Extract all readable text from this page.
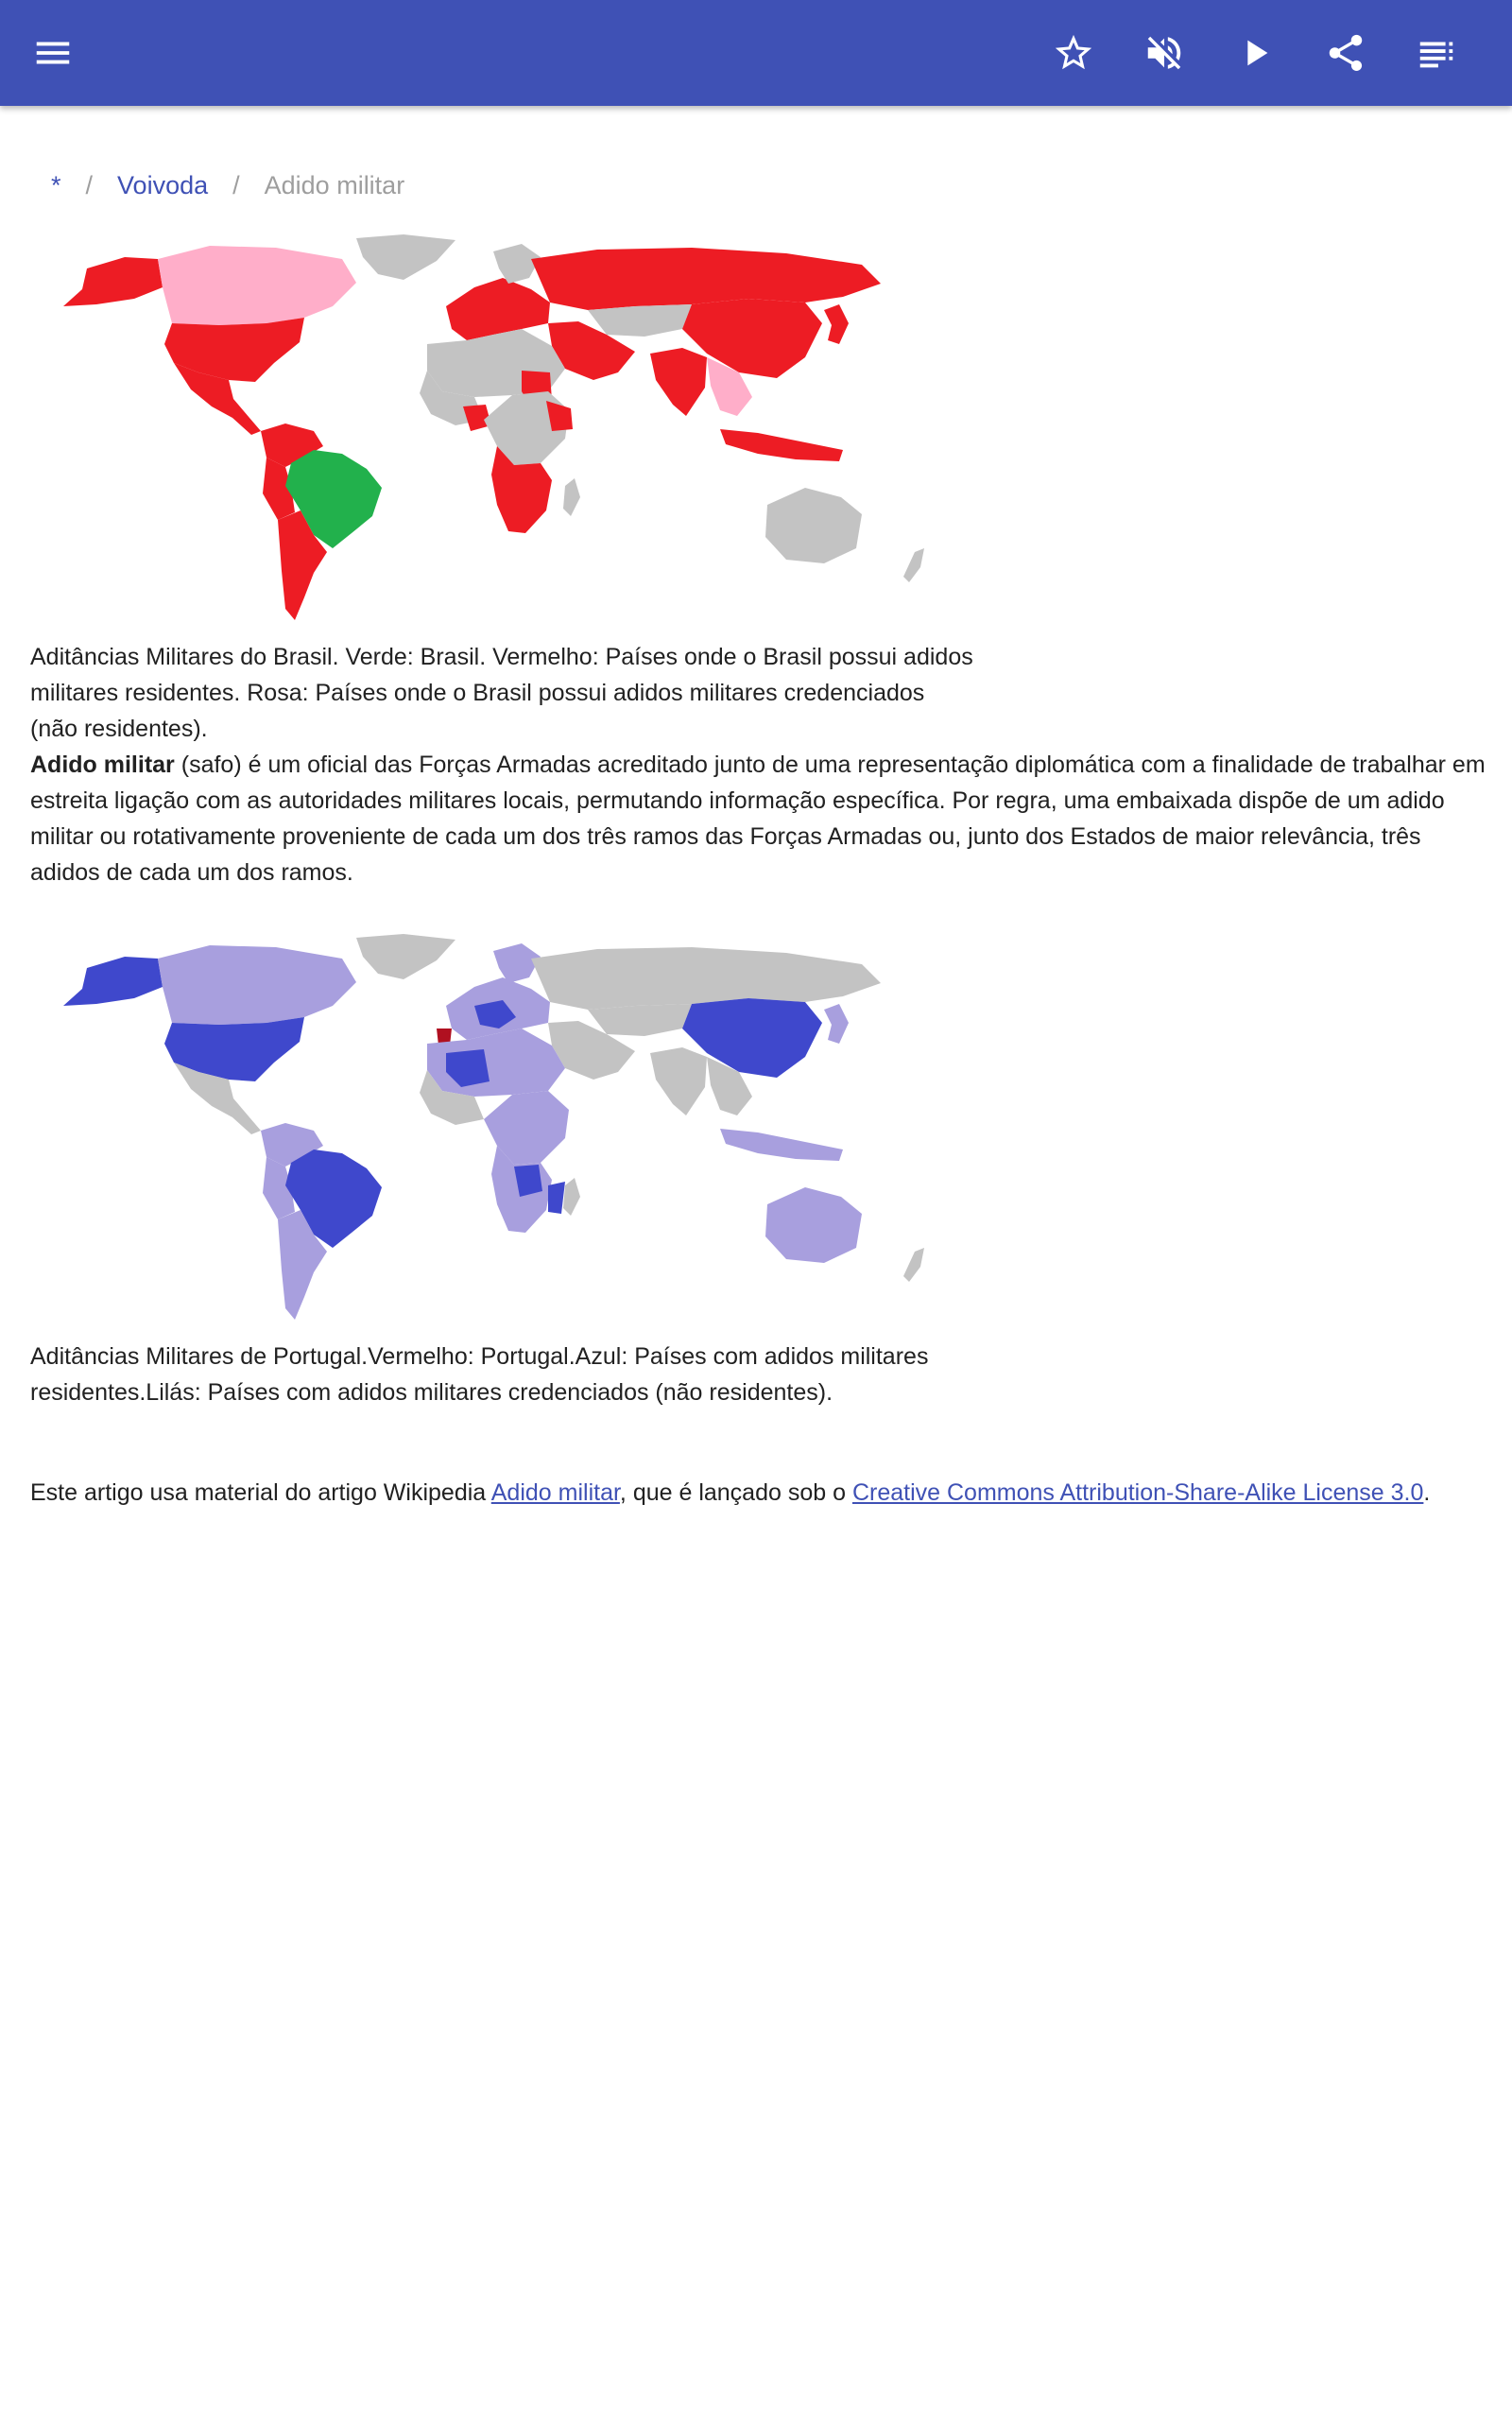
* / Voivoda / Adido militar

Aditâncias Militares do Brasil. Verde: Brasil. Vermelho: Países onde o Brasil possui adidos militares residentes. Rosa: Países onde o Brasil possui adidos militares credenciados (não residentes).

Adido militar (safo) é um oficial das Forças Armadas acreditado junto de uma representação diplomática com a finalidade de trabalhar em estreita ligação com as autoridades militares locais, permutando informação específica. Por regra, uma embaixada dispõe de um adido militar ou rotativamente proveniente de cada um dos três ramos das Forças Armadas ou, junto dos Estados de maior relevância, três adidos de cada um dos ramos.

Aditâncias Militares de Portugal.Vermelho: Portugal.Azul: Países com adidos militares residentes.Lilás: Países com adidos militares credenciados (não residentes).

Este artigo usa material do artigo Wikipedia Adido militar, que é lançado sob o Creative Commons Attribution-Share-Alike License 3.0.
